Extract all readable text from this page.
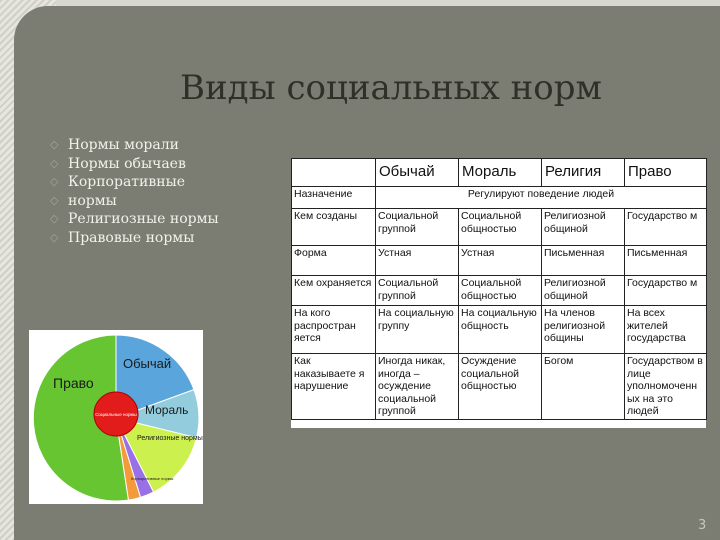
Виды социальных норм
◇ Нормы морали
◇ Нормы обычаев
◇ Корпоративные
◇ нормы
◇ Религиозные нормы
◇ Правовые нормы
	Обычай	Мораль	Религия	Право
Назначение	Регулируют поведение людей			
Кем созданы	Социальной группой	Социальной общностью	Религиозной общиной	Государство м
Форма	Устная	Устная	Письменная	Письменная
Кем охраняется	Социальной группой	Социальной общностью	Религиозной общиной	Государство м
На кого распростран яется	На социальную группу	На социальную общность	На членов религиозной общины	На всех жителей государства
Как наказываете я нарушение	Иногда никак, иногда – осуждение социальной группой	Осуждение социальной общностью	Богом	Государством в лице уполномоченн ых на это людей
Право
Обычай
Мораль
Религиозные нормы
Социальные нормы
Корпоративные нормы
3
